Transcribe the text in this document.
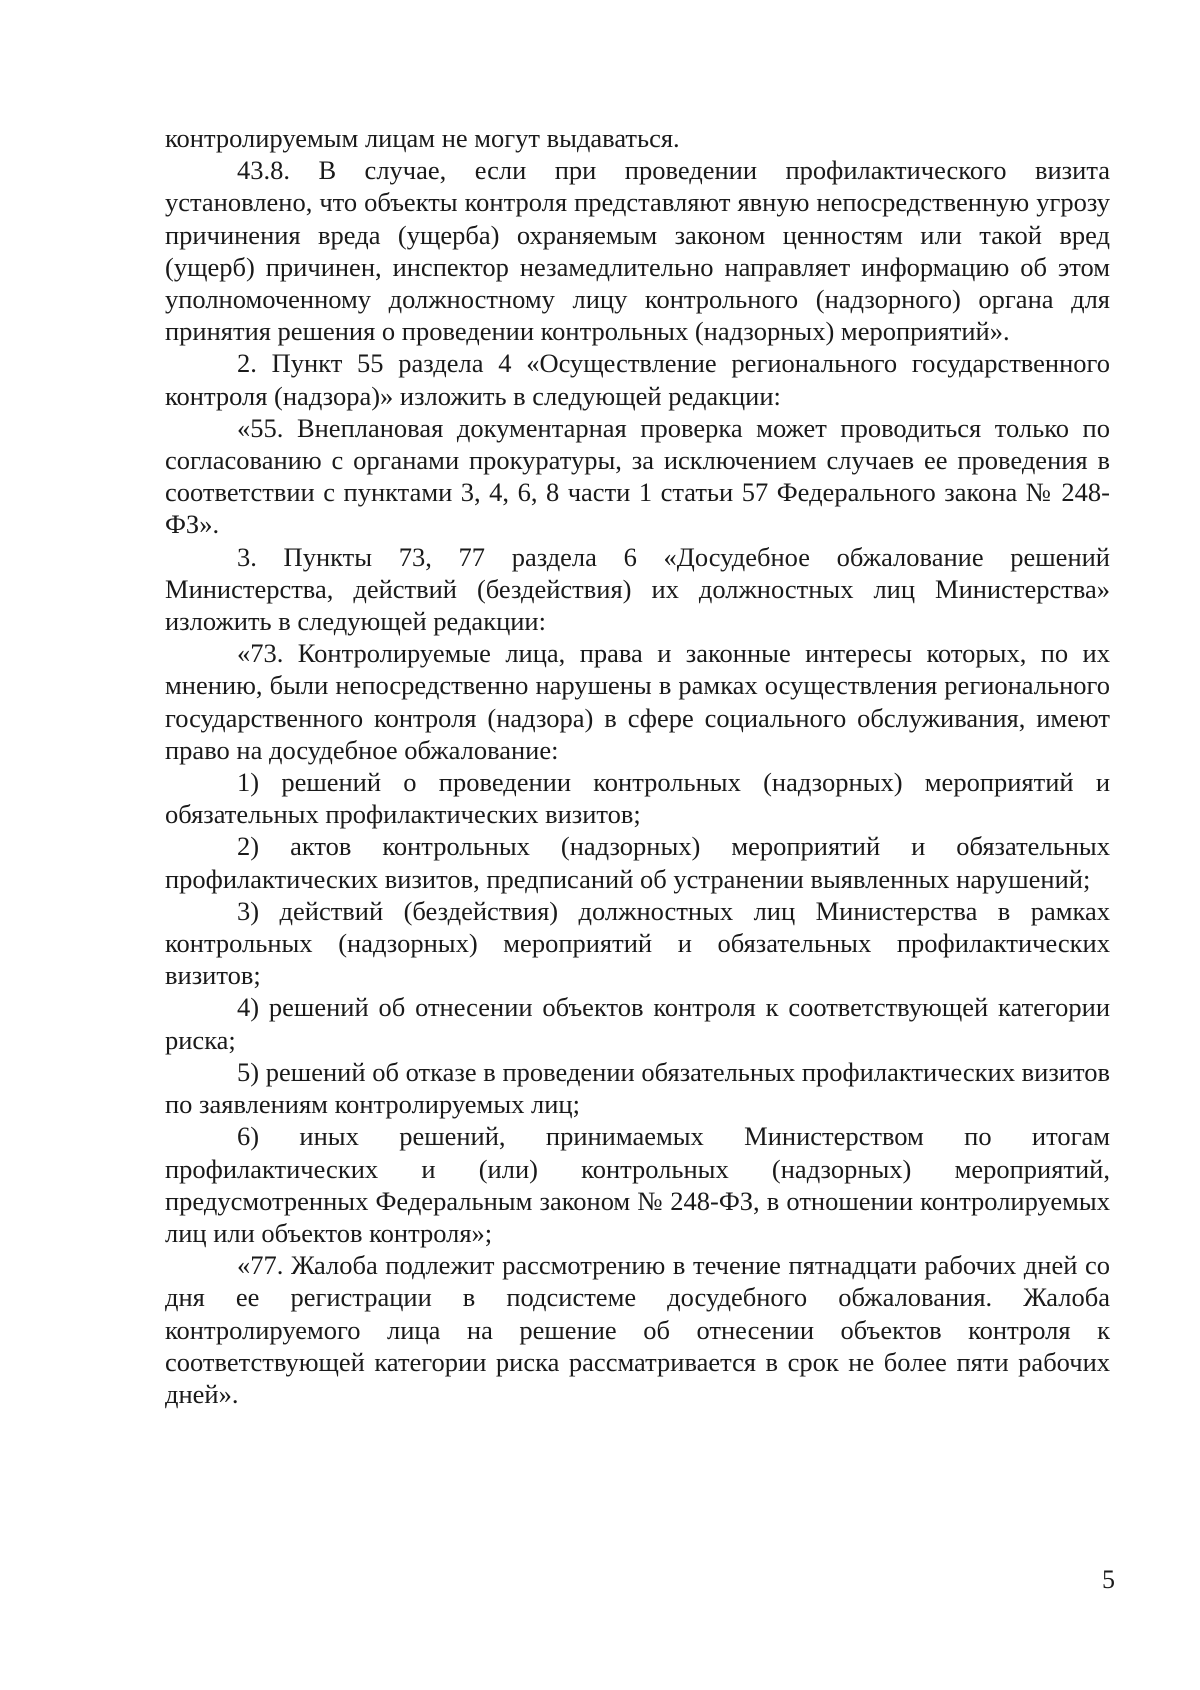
контролируемым лицам не могут выдаваться.

43.8. В случае, если при проведении профилактического визита установлено, что объекты контроля представляют явную непосредственную угрозу причинения вреда (ущерба) охраняемым законом ценностям или такой вред (ущерб) причинен, инспектор незамедлительно направляет информацию об этом уполномоченному должностному лицу контрольного (надзорного) органа для принятия решения о проведении контрольных (надзорных) мероприятий».

2. Пункт 55 раздела 4 «Осуществление регионального государственного контроля (надзора)» изложить в следующей редакции:

«55. Внеплановая документарная проверка может проводиться только по согласованию с органами прокуратуры, за исключением случаев ее проведения в соответствии с пунктами 3, 4, 6, 8 части 1 статьи 57 Федерального закона № 248-ФЗ».

3. Пункты 73, 77 раздела 6 «Досудебное обжалование решений Министерства, действий (бездействия) их должностных лиц Министерства» изложить в следующей редакции:

«73. Контролируемые лица, права и законные интересы которых, по их мнению, были непосредственно нарушены в рамках осуществления регионального государственного контроля (надзора) в сфере социального обслуживания, имеют право на досудебное обжалование:

1) решений о проведении контрольных (надзорных) мероприятий и обязательных профилактических визитов;

2) актов контрольных (надзорных) мероприятий и обязательных профилактических визитов, предписаний об устранении выявленных нарушений;

3) действий (бездействия) должностных лиц Министерства в рамках контрольных (надзорных) мероприятий и обязательных профилактических визитов;

4) решений об отнесении объектов контроля к соответствующей категории риска;

5) решений об отказе в проведении обязательных профилактических визитов по заявлениям контролируемых лиц;

6) иных решений, принимаемых Министерством по итогам профилактических и (или) контрольных (надзорных) мероприятий, предусмотренных Федеральным законом № 248-ФЗ, в отношении контролируемых лиц или объектов контроля»;

«77. Жалоба подлежит рассмотрению в течение пятнадцати рабочих дней со дня ее регистрации в подсистеме досудебного обжалования. Жалоба контролируемого лица на решение об отнесении объектов контроля к соответствующей категории риска рассматривается в срок не более пяти рабочих дней».

5
